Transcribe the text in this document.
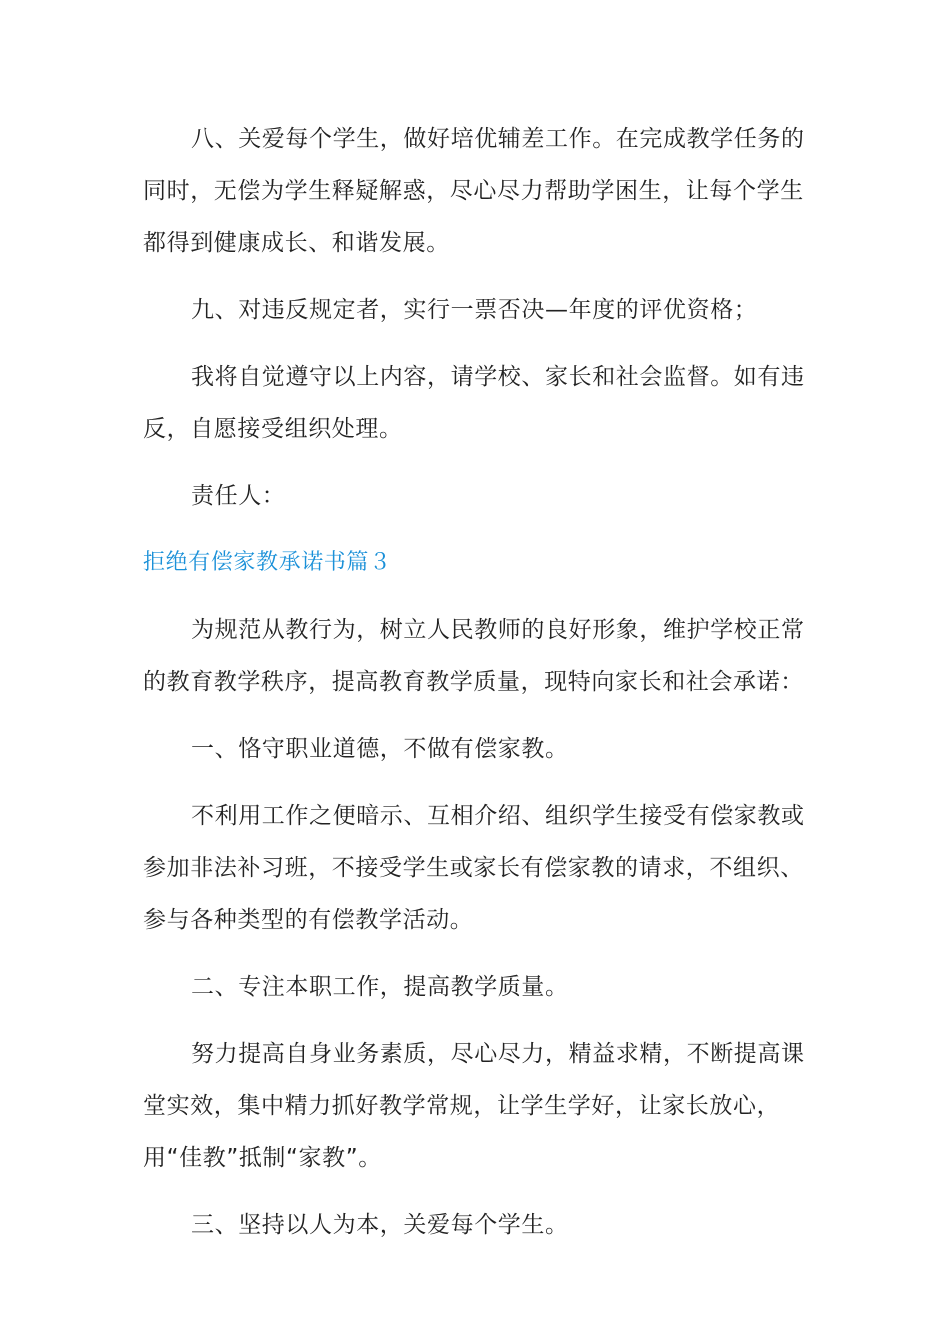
八、关爱每个学生，做好培优辅差工作。在完成教学任务的同时，无偿为学生释疑解惑，尽心尽力帮助学困生，让每个学生都得到健康成长、和谐发展。

九、对违反规定者，实行一票否决—年度的评优资格；

我将自觉遵守以上内容，请学校、家长和社会监督。如有违反，自愿接受组织处理。

责任人：

拒绝有偿家教承诺书篇３

为规范从教行为，树立人民教师的良好形象，维护学校正常的教育教学秩序，提高教育教学质量，现特向家长和社会承诺：

一、恪守职业道德，不做有偿家教。

不利用工作之便暗示、互相介绍、组织学生接受有偿家教或参加非法补习班，不接受学生或家长有偿家教的请求，不组织、参与各种类型的有偿教学活动。

二、专注本职工作，提高教学质量。

努力提高自身业务素质，尽心尽力，精益求精，不断提高课堂实效，集中精力抓好教学常规，让学生学好，让家长放心，用“佳教”抵制“家教”。

三、坚持以人为本，关爱每个学生。
